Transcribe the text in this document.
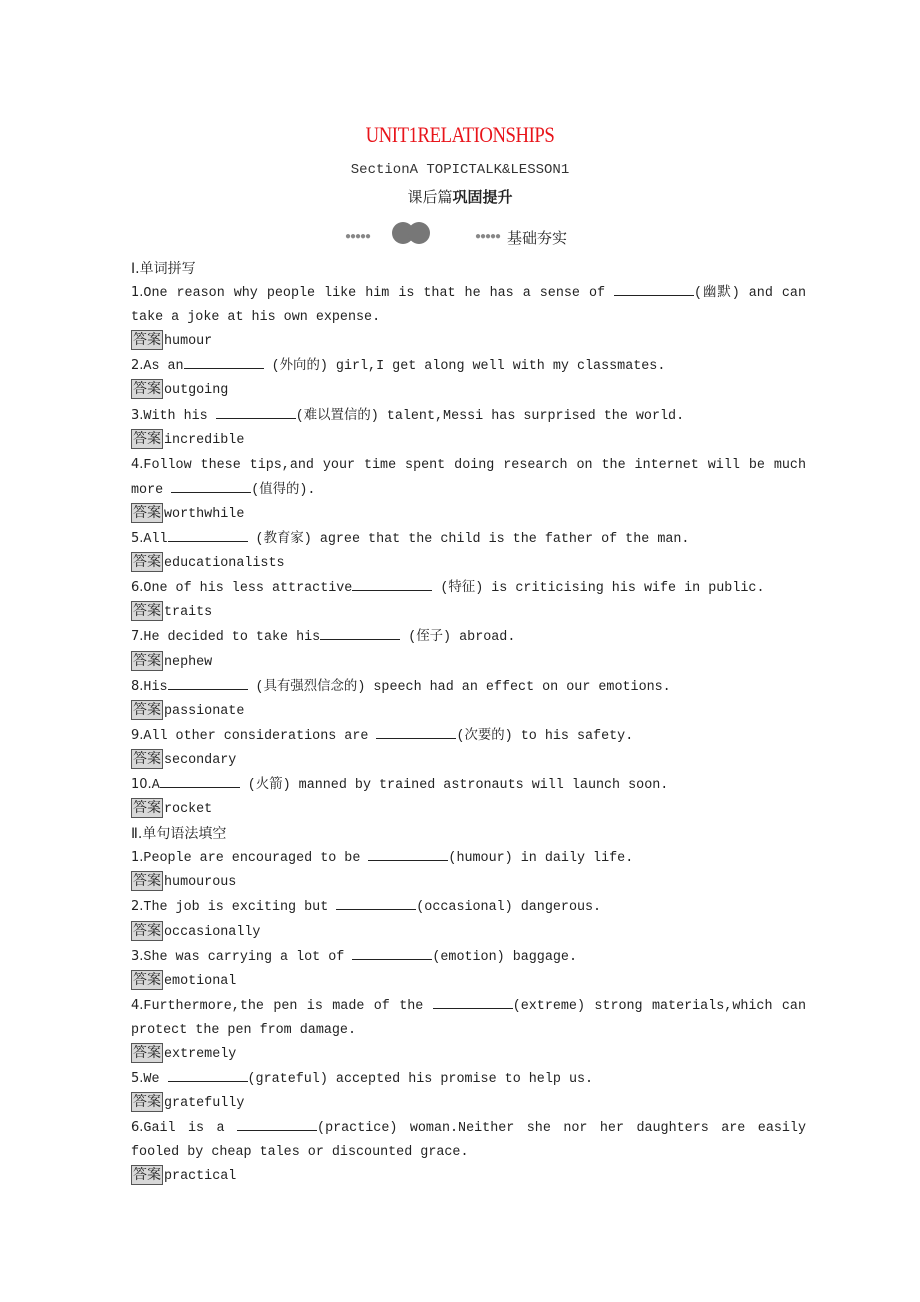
UNIT1RELATIONSHIPS
SectionA TOPICTALK&LESSON1
课后篇巩固提升
●●●●●	●●●●● 基础夯实
Ⅰ.单词拼写
1.One reason why people like him is that he has a sense of	(幽默) and can take a joke at his own expense.
答案 humour
2.As an	(外向的) girl,I get along well with my classmates.
答案 outgoing
3.With his	(难以置信的) talent,Messi has surprised the world.
答案 incredible
4.Follow these tips,and your time spent doing research on the internet will be much more	(值得的).
答案 worthwhile
5.All	(教育家) agree that the child is the father of the man.
答案 educationalists
6.One of his less attractive	(特征) is criticising his wife in public.
答案 traits
7.He decided to take his	(侄子) abroad.
答案 nephew
8.His	(具有强烈信念的) speech had an effect on our emotions.
答案 passionate
9.All other considerations are	(次要的) to his safety.
答案 secondary
10.A	(火箭) manned by trained astronauts will launch soon.
答案 rocket
Ⅱ.单句语法填空
1.People are encouraged to be	(humour) in daily life.
答案 humourous
2.The job is exciting but	(occasional) dangerous.
答案 occasionally
3.She was carrying a lot of	(emotion) baggage.
答案 emotional
4.Furthermore,the pen is made of the	(extreme) strong materials,which can protect the pen from damage.
答案 extremely
5.We	(grateful) accepted his promise to help us.
答案 gratefully
6.Gail is a	(practice) woman.Neither she nor her daughters are easily fooled by cheap tales or discounted grace.
答案 practical
